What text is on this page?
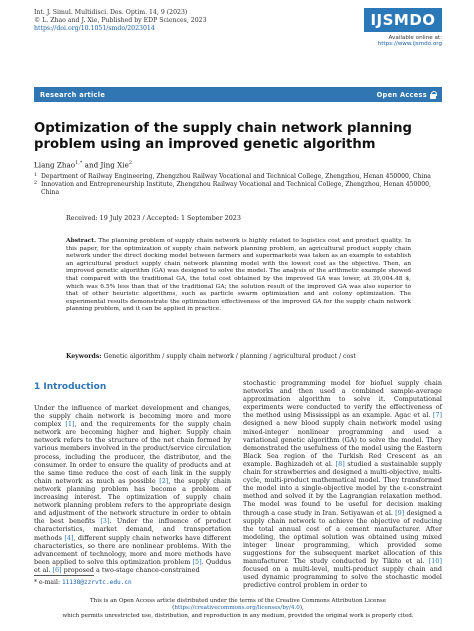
Int. J. Simul. Multidisci. Des. Optim. 14, 9 (2023)
© L. Zhao and J. Xie, Published by EDP Sciences, 2023
https://doi.org/10.1051/smdo/2023014	IJSMDO
Available online at:
https://www.ijsmdo.org
Research article	Open Access
Optimization of the supply chain network planning problem using an improved genetic algorithm
Liang Zhao$^{1,*}$ and Jing Xie$^2$
1 Department of Railway Engineering, Zhengzhou Railway Vocational and Technical College, Zhengzhou, Henan 450000, China
2 Innovation and Entrepreneurship Institute, Zhengzhou Railway Vocational and Technical College, Zhengzhou, Henan 450000, China
Received: 19 July 2023 / Accepted: 1 September 2023
Abstract. The planning problem of supply chain network is highly related to logistics cost and product quality. In this paper, for the optimization of supply chain network planning problem, an agricultural product supply chain network under the direct docking model between farmers and supermarkets was taken as an example to establish an agricultural product supply chain network planning model with the lowest cost as the objective. Then, an improved genetic algorithm (GA) was designed to solve the model. The analysis of the arithmetic example showed that compared with the traditional GA, the total cost obtained by the improved GA was lower, at 39,004.48 $, which was 6.5% less than that of the traditional GA; the solution result of the improved GA was also superior to that of other heuristic algorithms, such as particle swarm optimization and ant colony optimization. The experimental results demonstrate the optimization effectiveness of the improved GA for the supply chain network planning problem, and it can be applied in practice.
Keywords: Genetic algorithm / supply chain network / planning / agricultural product / cost
1 Introduction

Under the influence of market development and changes, the supply chain network is becoming more and more complex [1], and the requirements for the supply chain network are becoming higher and higher. Supply chain network refers to the structure of the net chain formed by various members involved in the product/service circulation process, including the producer, the distributor, and the consumer. In order to ensure the quality of products and at the same time reduce the cost of each link in the supply chain network as much as possible [2], the supply chain network planning problem has become a problem of increasing interest. The optimization of supply chain network planning problem refers to the appropriate design and adjustment of the network structure in order to obtain the best benefits [3]. Under the influence of product characteristics, market demand, and transportation methods [4], different supply chain networks have different characteristics, so there are nonlinear problems. With the advancement of technology, more and more methods have been applied to solve this optimization problem [5]. Quddus et al. [6] proposed a two-stage chance-constrained

stochastic programming model for biofuel supply chain networks and then used a combined sample-average approximation algorithm to solve it. Computational experiments were conducted to verify the effectiveness of the method using Mississippi as an example. Agac et al. [7] designed a new blood supply chain network model using mixed-integer nonlinear programming and used a variational genetic algorithm (GA) to solve the model. They demonstrated the usefulness of the model using the Eastern Black Sea region of the Turkish Red Crescent as an example. Baghizadeh et al. [8] studied a sustainable supply chain for strawberries and designed a multi-objective, multi-cycle, multi-product mathematical model. They transformed the model into a single-objective model by the ε-constraint method and solved it by the Lagrangian relaxation method. The model was found to be useful for decision making through a case study in Iran. Setiyawan et al. [9] designed a supply chain network to achieve the objective of reducing the total annual cost of a cement manufacturer. After modeling, the optimal solution was obtained using mixed integer linear programming, which provided some suggestions for the subsequent market allocation of this manufacturer. The study conducted by Tikito et al. [10] focused on a multi-level, multi-product supply chain and used dynamic programming to solve the stochastic model predictive control problem in order to

* e-mail: 11138@zzrvtc.edu.cn
This is an Open Access article distributed under the terms of the Creative Commons Attribution License (https://creativecommons.org/licenses/by/4.0),
which permits unrestricted use, distribution, and reproduction in any medium, provided the original work is properly cited.
